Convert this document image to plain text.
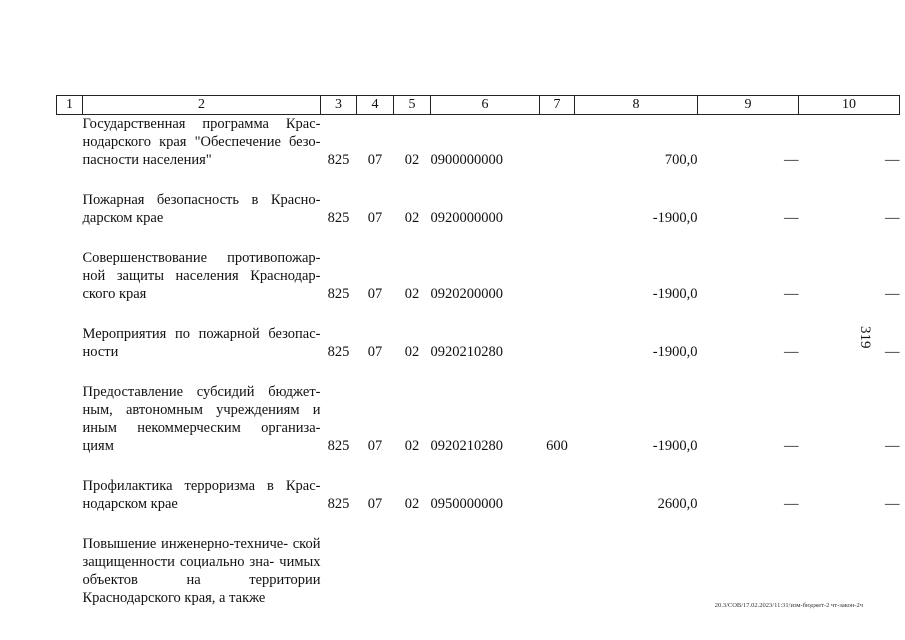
1	2	3	4	5	6	7	8	9	10
	Государственная программа Крас- нодарского края "Обеспечение безо- пасности населения"	825	07	02	0900000000		700,0	—	—

	Пожарная безопасность в Красно- дарском крае	825	07	02	0920000000		-1900,0	—	—

	Совершенствование противопожар- ной защиты населения Краснодар- ского края	825	07	02	0920200000		-1900,0	—	—

	Мероприятия по пожарной безопас- ности	825	07	02	0920210280		-1900,0	—	—

	Предоставление субсидий бюджет- ным, автономным учреждениям и иным некоммерческим организа- циям	825	07	02	0920210280	600	-1900,0	—	—

	Профилактика терроризма в Крас- нодарском крае	825	07	02	0950000000		2600,0	—	—

	Повышение инженерно-техниче- ской защищенности социально зна- чимых объектов на территории Краснодарского края, а также								
319
20.3/СОВ/17.02.2023/11:31/изм-бюджет-2 чт-закон-2ч
